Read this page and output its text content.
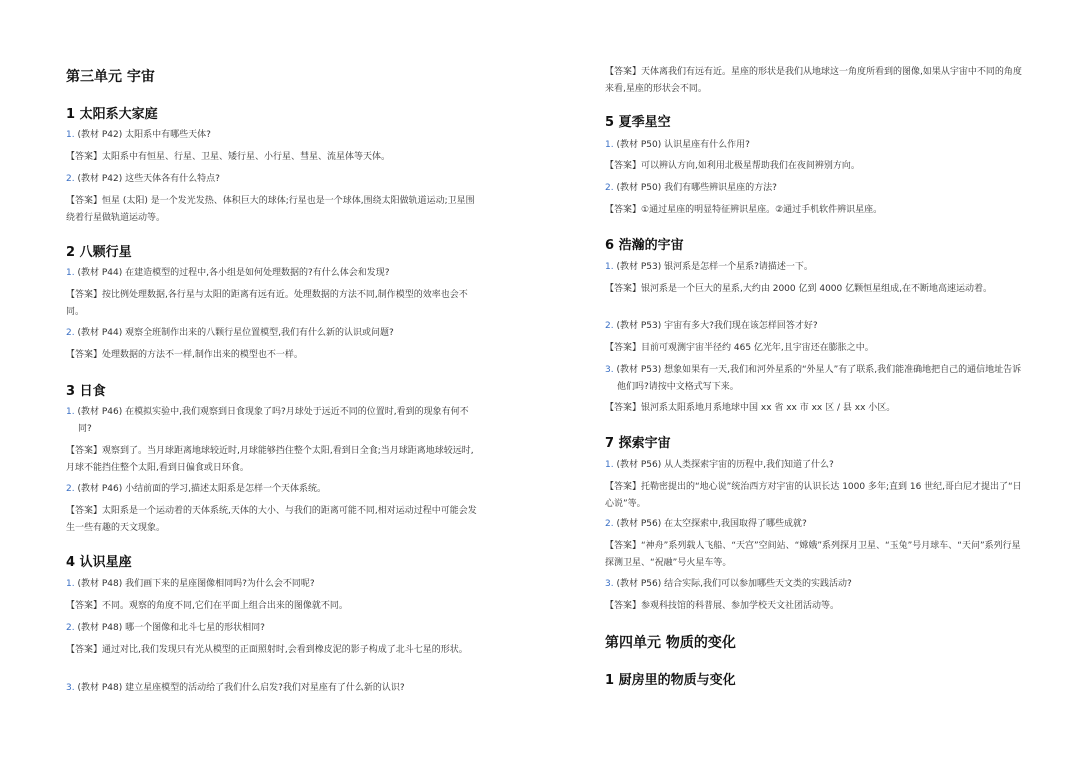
第三单元 宇宙
1 太阳系大家庭
1. (教材 P42) 太阳系中有哪些天体?
【答案】太阳系中有恒星、行星、卫星、矮行星、小行星、彗星、流星体等天体。
2. (教材 P42) 这些天体各有什么特点?
【答案】恒星 (太阳) 是一个发光发热、体积巨大的球体;行星也是一个球体,围绕太阳做轨道运动;卫星围绕着行星做轨道运动等。
2 八颗行星
1. (教材 P44) 在建造模型的过程中,各小组是如何处理数据的?有什么体会和发现?
【答案】按比例处理数据,各行星与太阳的距离有远有近。处理数据的方法不同,制作模型的效率也会不同。
2. (教材 P44) 观察全班制作出来的八颗行星位置模型,我们有什么新的认识或问题?
【答案】处理数据的方法不一样,制作出来的模型也不一样。
3 日食
1. (教材 P46) 在模拟实验中,我们观察到日食现象了吗?月球处于远近不同的位置时,看到的现象有何不同?
【答案】观察到了。当月球距离地球较近时,月球能够挡住整个太阳,看到日全食;当月球距离地球较远时,月球不能挡住整个太阳,看到日偏食或日环食。
2. (教材 P46) 小结前面的学习,描述太阳系是怎样一个天体系统。
【答案】太阳系是一个运动着的天体系统,天体的大小、与我们的距离可能不同,相对运动过程中可能会发生一些有趣的天文现象。
4 认识星座
1. (教材 P48) 我们画下来的星座图像相同吗?为什么会不同呢?
【答案】不同。观察的角度不同,它们在平面上组合出来的图像就不同。
2. (教材 P48) 哪一个图像和北斗七星的形状相同?
【答案】通过对比,我们发现只有光从模型的正面照射时,会看到橡皮泥的影子构成了北斗七星的形状。
3. (教材 P48) 建立星座模型的活动给了我们什么启发?我们对星座有了什么新的认识?
【答案】天体离我们有远有近。星座的形状是我们从地球这一角度所看到的图像,如果从宇宙中不同的角度来看,星座的形状会不同。
5 夏季星空
1. (教材 P50) 认识星座有什么作用?
【答案】可以辨认方向,如利用北极星帮助我们在夜间辨别方向。
2. (教材 P50) 我们有哪些辨识星座的方法?
【答案】①通过星座的明显特征辨识星座。②通过手机软件辨识星座。
6 浩瀚的宇宙
1. (教材 P53) 银河系是怎样一个星系?请描述一下。
【答案】银河系是一个巨大的星系,大约由 2000 亿到 4000 亿颗恒星组成,在不断地高速运动着。
2. (教材 P53) 宇宙有多大?我们现在该怎样回答才好?
【答案】目前可观测宇宙半径约 465 亿光年,且宇宙还在膨胀之中。
3. (教材 P53) 想象如果有一天,我们和河外星系的“外星人”有了联系,我们能准确地把自己的通信地址告诉他们吗?请按中文格式写下来。
【答案】银河系太阳系地月系地球中国 xx 省 xx 市 xx 区 / 县 xx 小区。
7 探索宇宙
1. (教材 P56) 从人类探索宇宙的历程中,我们知道了什么?
【答案】托勒密提出的“地心说”统治西方对宇宙的认识长达 1000 多年;直到 16 世纪,哥白尼才提出了“日心说”等。
2. (教材 P56) 在太空探索中,我国取得了哪些成就?
【答案】“神舟”系列载人飞船、“天宫”空间站、“嫦娥”系列探月卫星、“玉兔”号月球车、“天问”系列行星探测卫星、“祝融”号火星车等。
3. (教材 P56) 结合实际,我们可以参加哪些天文类的实践活动?
【答案】参观科技馆的科普展、参加学校天文社团活动等。
第四单元 物质的变化
1 厨房里的物质与变化
